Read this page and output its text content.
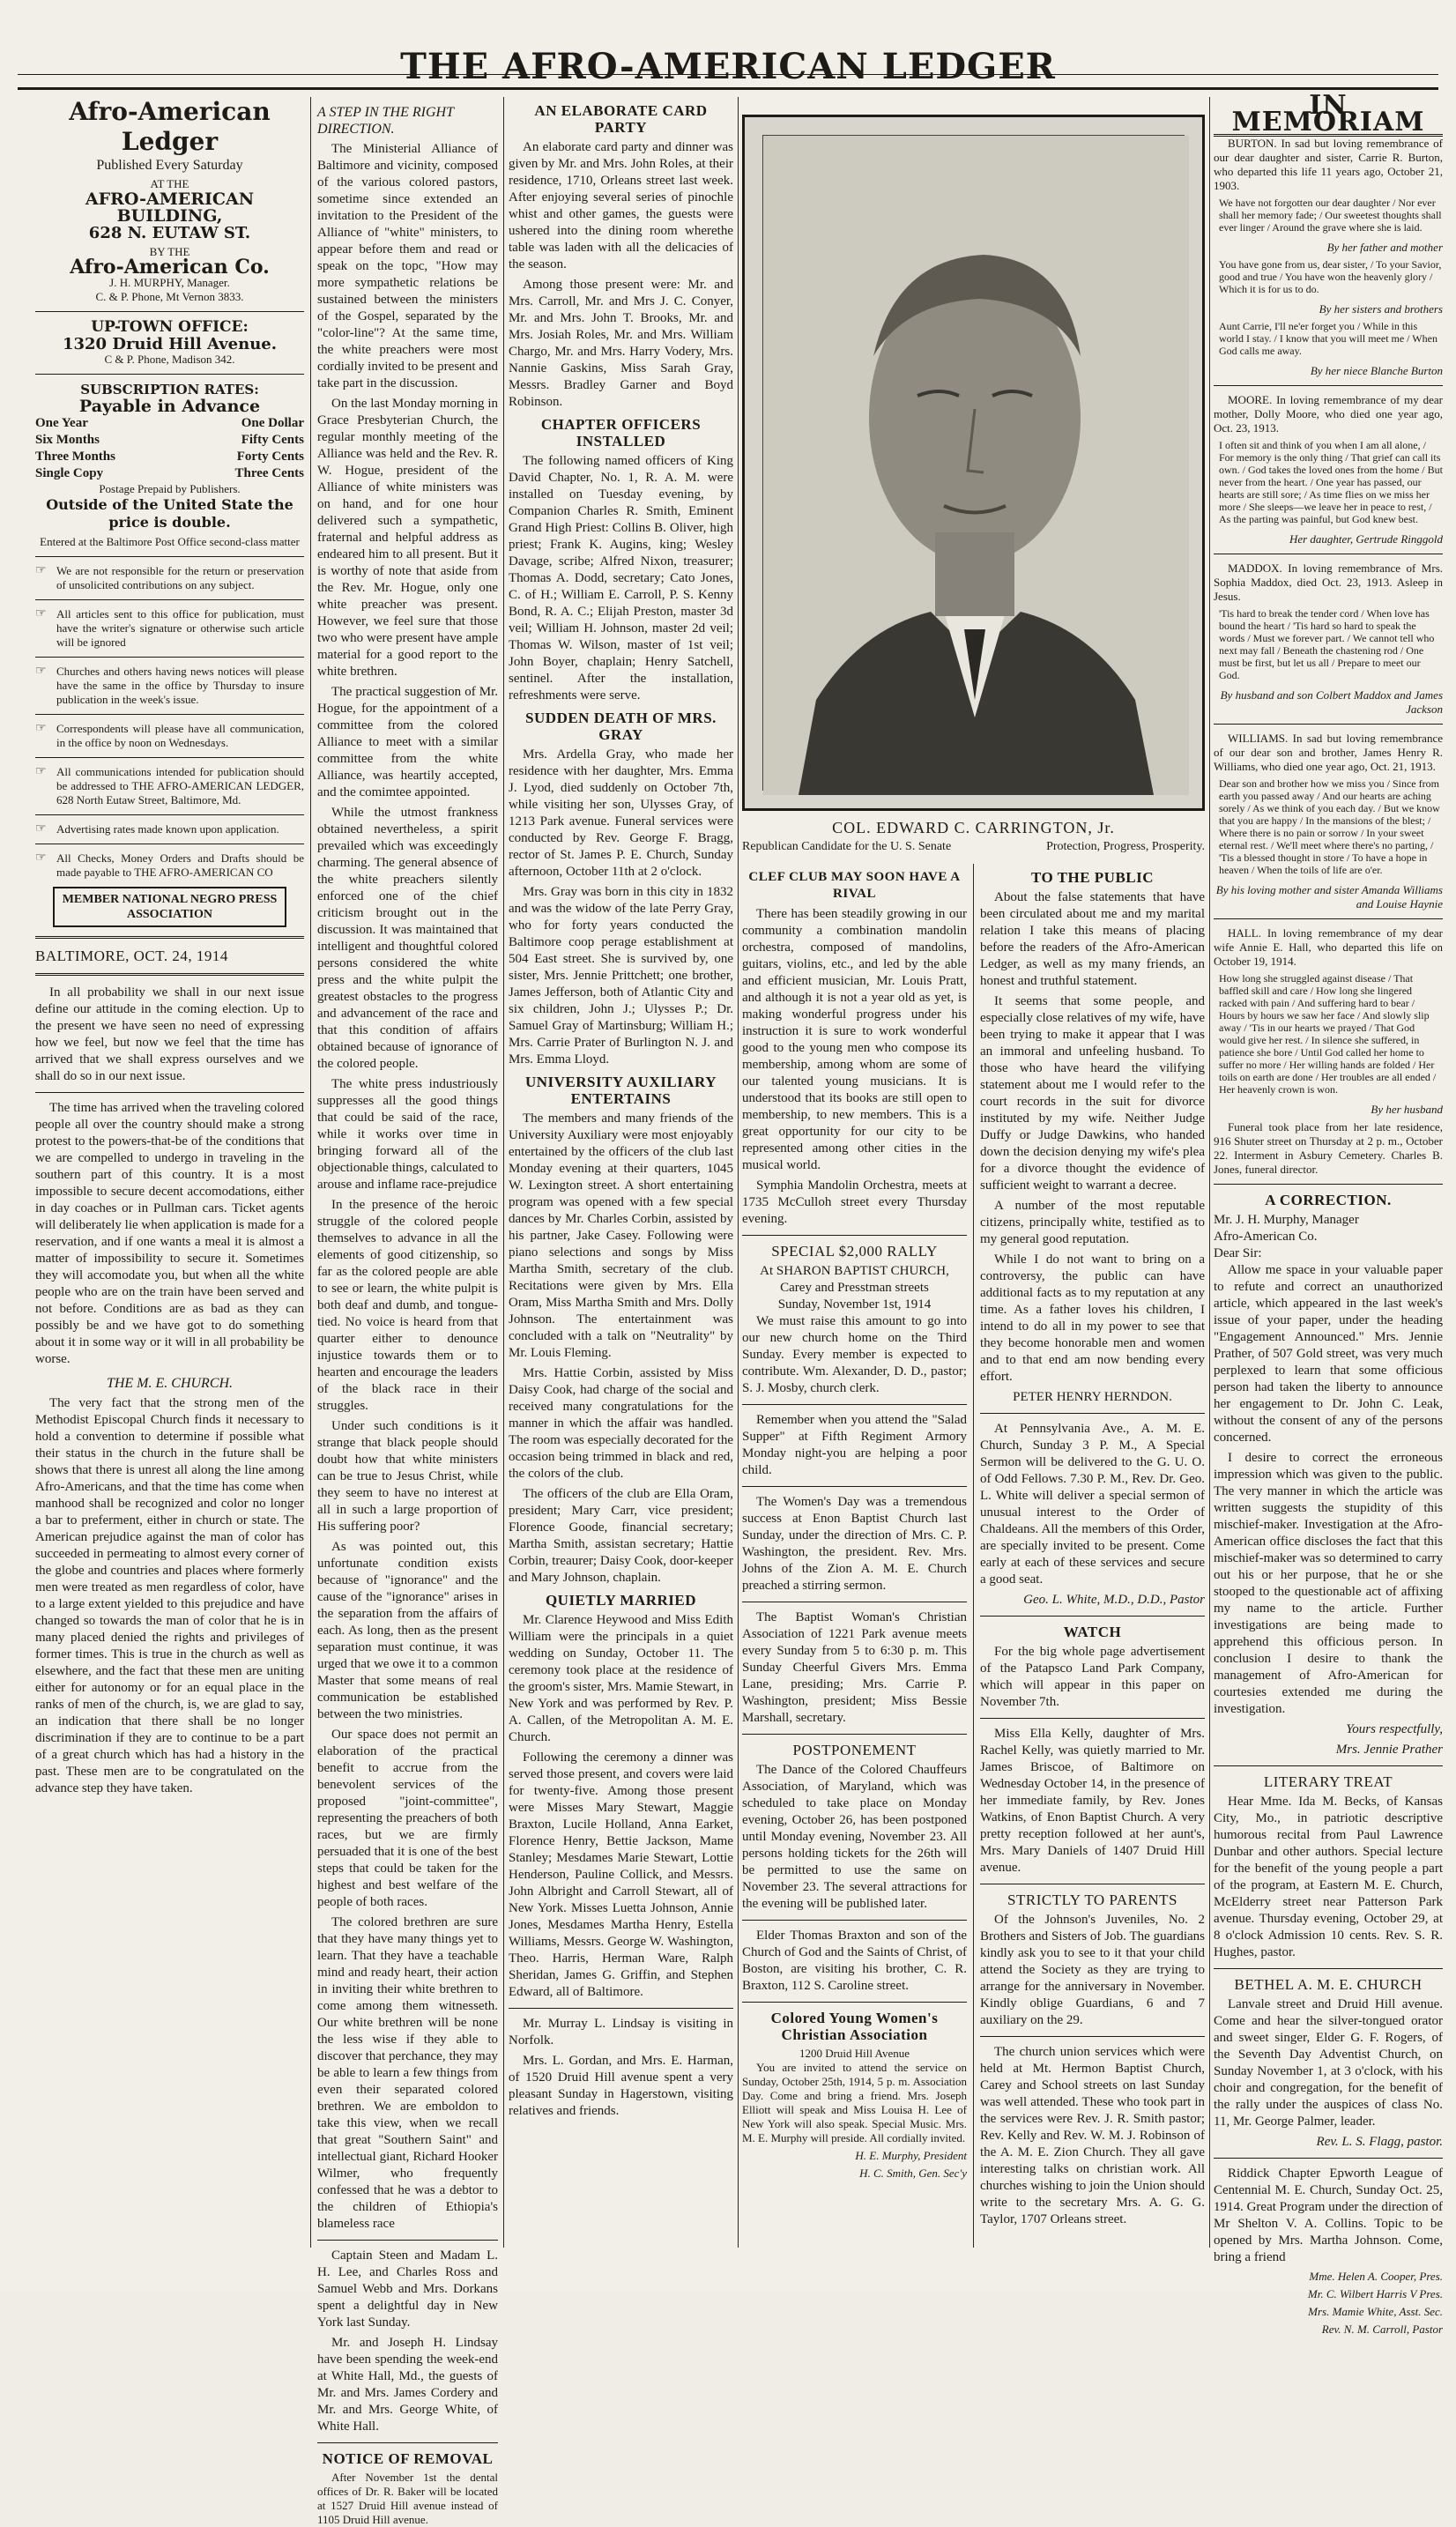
THE AFRO-AMERICAN LEDGER
Afro-American Ledger
Published Every Saturday
AT THE
AFRO-AMERICAN BUILDING,
628 N. EUTAW ST.
BY THE
Afro-American Co.
J. H. MURPHY, Manager.
C. & P. Phone, Mt Vernon 3833.
UP-TOWN OFFICE:
1320 Druid Hill Avenue.
C & P. Phone, Madison 342.
SUBSCRIPTION RATES:
Payable in Advance
One Year	One Dollar
Six Months	Fifty Cents
Three Months	Forty Cents
Single Copy	Three Cents
Postage Prepaid by Publishers.
Outside of the United State the price is double.
Entered at the Baltimore Post Office second-class matter
☞ We are not responsible for the return or preservation of unsolicited contributions on any subject.
☞ All articles sent to this office for publication, must have the writer's signature or otherwise such article will be ignored
☞ Churches and others having news notices will please have the same in the office by Thursday to insure publication in the week's issue.
☞ Correspondents will please have all communication, in the office by noon on Wednesdays.
☞ All communications intended for publication should be addressed to THE AFRO-AMERICAN LEDGER, 628 North Eutaw Street, Baltimore, Md.
☞ Advertising rates made known upon application.
☞ All Checks, Money Orders and Drafts should be made payable to THE AFRO-AMERICAN CO
MEMBER NATIONAL NEGRO PRESS ASSOCIATION
BALTIMORE, OCT. 24, 1914

In all probability we shall in our next issue define our attitude in the coming election. Up to the present we have seen no need of expressing how we feel, but now we feel that the time has arrived that we shall express ourselves and we shall do so in our next issue.

The time has arrived when the traveling colored people all over the country should make a strong protest to the powers-that-be of the conditions that we are compelled to undergo in traveling in the southern part of this country. It is a most impossible to secure decent accomodations, either in day coaches or in Pullman cars. Ticket agents will deliberately lie when application is made for a reservation, and if one wants a meal it is almost a matter of impossibility to secure it. Sometimes they will accomodate you, but when all the white people who are on the train have been served and not before. Conditions are as bad as they can possibly be and we have got to do something about it in some way or it will in all probability be worse.

THE M. E. CHURCH.

The very fact that the strong men of the Methodist Episcopal Church finds it necessary to hold a convention to determine if possible what their status in the church in the future shall be shows that there is unrest all along the line among Afro-Americans, and that the time has come when manhood shall be recognized and color no longer a bar to preferment, either in church or state. The American prejudice against the man of color has succeeded in permeating to almost every corner of the globe and countries and places where formerly men were treated as men regardless of color, have to a large extent yielded to this prejudice and have changed so towards the man of color that he is in many placed denied the rights and privileges of former times. This is true in the church as well as elsewhere, and the fact that these men are uniting either for autonomy or for an equal place in the ranks of men of the church, is, we are glad to say, an indication that there shall be no longer discrimination if they are to continue to be a part of a great church which has had a history in the past. These men are to be congratulated on the advance step they have taken.

A STEP IN THE RIGHT DIRECTION.

The Ministerial Alliance of Baltimore and vicinity, composed of the various colored pastors, sometime since extended an invitation to the President of the Alliance of "white" ministers, to appear before them and read or speak on the topc, "How may more sympathetic relations be sustained between the ministers of the Gospel, separated by the "color-line"? At the same time, the white preachers were most cordially invited to be present and take part in the discussion.

On the last Monday morning in Grace Presbyterian Church, the regular monthly meeting of the Alliance was held and the Rev. R. W. Hogue, president of the Alliance of white ministers was on hand, and for one hour delivered such a sympathetic, fraternal and helpful address as endeared him to all present. But it is worthy of note that aside from the Rev. Mr. Hogue, only one white preacher was present. However, we feel sure that those two who were present have ample material for a good report to the white brethren.

The practical suggestion of Mr. Hogue, for the appointment of a committee from the colored Alliance to meet with a similar committee from the white Alliance, was heartily accepted, and the comimtee appointed.

While the utmost frankness obtained nevertheless, a spirit prevailed which was exceedingly charming. The general absence of the white preachers silently enforced one of the chief criticism brought out in the discussion. It was maintained that intelligent and thoughtful colored persons considered the white press and the white pulpit the greatest obstacles to the progress and advancement of the race and that this condition of affairs obtained because of ignorance of the colored people.

The white press industriously suppresses all the good things that could be said of the race, while it works over time in bringing forward all of the objectionable things, calculated to arouse and inflame race-prejudice

In the presence of the heroic struggle of the colored people themselves to advance in all the elements of good citizenship, so far as the colored people are able to see or learn, the white pulpit is both deaf and dumb, and tongue-tied. No voice is heard from that quarter either to denounce injustice towards them or to hearten and encourage the leaders of the black race in their struggles.

Under such conditions is it strange that black people should doubt how that white ministers can be true to Jesus Christ, while they seem to have no interest at all in such a large proportion of His suffering poor?

As was pointed out, this unfortunate condition exists because of "ignorance" and the cause of the "ignorance" arises in the separation from the affairs of each. As long, then as the present separation must continue, it was urged that we owe it to a common Master that some means of real communication be established between the two ministries.

Our space does not permit an elaboration of the practical benefit to accrue from the benevolent services of the proposed "joint-committee", representing the preachers of both races, but we are firmly persuaded that it is one of the best steps that could be taken for the highest and best welfare of the people of both races.

The colored brethren are sure that they have many things yet to learn. That they have a teachable mind and ready heart, their action in inviting their white brethren to come among them witnesseth. Our white brethren will be none the less wise if they able to discover that perchance, they may be able to learn a few things from even their separated colored brethren. We are emboldon to take this view, when we recall that great "Southern Saint" and intellectual giant, Richard Hooker Wilmer, who frequently confessed that he was a debtor to the children of Ethiopia's blameless race

Captain Steen and Madam L. H. Lee, and Charles Ross and Samuel Webb and Mrs. Dorkans spent a delightful day in New York last Sunday.

Mr. and Joseph H. Lindsay have been spending the week-end at White Hall, Md., the guests of Mr. and Mrs. James Cordery and Mr. and Mrs. George White, of White Hall.

NOTICE OF REMOVAL

After November 1st the dental offices of Dr. R. Baker will be located at 1527 Druid Hill avenue instead of 1105 Druid Hill avenue.

AN ELABORATE CARD PARTY

An elaborate card party and dinner was given by Mr. and Mrs. John Roles, at their residence, 1710, Orleans street last week. After enjoying several series of pinochle whist and other games, the guests were ushered into the dining room wherethe table was laden with all the delicacies of the season.

Among those present were: Mr. and Mrs. Carroll, Mr. and Mrs J. C. Conyer, Mr. and Mrs. John T. Brooks, Mr. and Mrs. Josiah Roles, Mr. and Mrs. William Chargo, Mr. and Mrs. Harry Vodery, Mrs. Nannie Gaskins, Miss Sarah Gray, Messrs. Bradley Garner and Boyd Robinson.

CHAPTER OFFICERS INSTALLED

The following named officers of King David Chapter, No. 1, R. A. M. were installed on Tuesday evening, by Companion Charles R. Smith, Eminent Grand High Priest: Collins B. Oliver, high priest; Frank K. Augins, king; Wesley Davage, scribe; Alfred Nixon, treasurer; Thomas A. Dodd, secretary; Cato Jones, C. of H.; William E. Carroll, P. S. Kenny Bond, R. A. C.; Elijah Preston, master 3d veil; William H. Johnson, master 2d veil; Thomas W. Wilson, master of 1st veil; John Boyer, chaplain; Henry Satchell, sentinel. After the installation, refreshments were serve.

SUDDEN DEATH OF MRS. GRAY

Mrs. Ardella Gray, who made her residence with her daughter, Mrs. Emma J. Lyod, died suddenly on October 7th, while visiting her son, Ulysses Gray, of 1213 Park avenue. Funeral services were conducted by Rev. George F. Bragg, rector of St. James P. E. Church, Sunday afternoon, October 11th at 2 o'clock.

Mrs. Gray was born in this city in 1832 and was the widow of the late Perry Gray, who for forty years conducted the Baltimore coop perage establishment at 504 East street. She is survived by, one sister, Mrs. Jennie Prittchett; one brother, James Jefferson, both of Atlantic City and six children, John J.; Ulysses P.; Dr. Samuel Gray of Martinsburg; William H.; Mrs. Carrie Prater of Burlington N. J. and Mrs. Emma Lloyd.

UNIVERSITY AUXILIARY ENTERTAINS

The members and many friends of the University Auxiliary were most enjoyably entertained by the officers of the club last Monday evening at their quarters, 1045 W. Lexington street. A short entertaining program was opened with a few special dances by Mr. Charles Corbin, assisted by his partner, Jake Casey. Following were piano selections and songs by Miss Martha Smith, secretary of the club. Recitations were given by Mrs. Ella Oram, Miss Martha Smith and Mrs. Dolly Johnson. The entertainment was concluded with a talk on "Neutrality" by Mr. Louis Fleming.

Mrs. Hattie Corbin, assisted by Miss Daisy Cook, had charge of the social and received many congratulations for the manner in which the affair was handled. The room was especially decorated for the occasion being trimmed in black and red, the colors of the club.

The officers of the club are Ella Oram, president; Mary Carr, vice president; Florence Goode, financial secretary; Martha Smith, assistan secretary; Hattie Corbin, treaurer; Daisy Cook, door-keeper and Mary Johnson, chaplain.

QUIETLY MARRIED

Mr. Clarence Heywood and Miss Edith William were the principals in a quiet wedding on Sunday, October 11. The ceremony took place at the residence of the groom's sister, Mrs. Mamie Stewart, in New York and was performed by Rev. P. A. Callen, of the Metropolitan A. M. E. Church.

Following the ceremony a dinner was served those present, and covers were laid for twenty-five. Among those present were Misses Mary Stewart, Maggie Braxton, Lucile Holland, Anna Earket, Florence Henry, Bettie Jackson, Mame Stanley; Mesdames Marie Stewart, Lottie Henderson, Pauline Collick, and Messrs. John Albright and Carroll Stewart, all of New York. Misses Luetta Johnson, Annie Jones, Mesdames Martha Henry, Estella Williams, Messrs. George W. Washington, Theo. Harris, Herman Ware, Ralph Sheridan, James G. Griffin, and Stephen Edward, all of Baltimore.

Mr. Murray L. Lindsay is visiting in Norfolk.

Mrs. L. Gordan, and Mrs. E. Harman, of 1520 Druid Hill avenue spent a very pleasant Sunday in Hagerstown, visiting relatives and friends.

COL. EDWARD C. CARRINGTON, Jr.
Republican Candidate for the U. S. Senate	Protection, Progress, Prosperity.
CLEF CLUB MAY SOON HAVE A RIVAL

There has been steadily growing in our community a combination mandolin orchestra, composed of mandolins, guitars, violins, etc., and led by the able and efficient musician, Mr. Louis Pratt, and although it is not a year old as yet, is making wonderful progress under his instruction it is sure to work wonderful good to the young men who compose its membership, among whom are some of our talented young musicians. It is understood that its books are still open to membership, to new members. This is a great opportunity for our city to be represented among other cities in the musical world.

Symphia Mandolin Orchestra, meets at 1735 McCulloh street every Thursday evening.

SPECIAL $2,000 RALLY
At SHARON BAPTIST CHURCH,
Carey and Presstman streets
Sunday, November 1st, 1914

We must raise this amount to go into our new church home on the Third Sunday. Every member is expected to contribute. Wm. Alexander, D. D., pastor; S. J. Mosby, church clerk.

Remember when you attend the "Salad Supper" at Fifth Regiment Armory Monday night-you are helping a poor child.

The Women's Day was a tremendous success at Enon Baptist Church last Sunday, under the direction of Mrs. C. P. Washington, the president. Rev. Mrs. Johns of the Zion A. M. E. Church preached a stirring sermon.

The Baptist Woman's Christian Association of 1221 Park avenue meets every Sunday from 5 to 6:30 p. m. This Sunday Cheerful Givers Mrs. Emma Lane, presiding; Mrs. Carrie P. Washington, president; Miss Bessie Marshall, secretary.

POSTPONEMENT

The Dance of the Colored Chauffeurs Association, of Maryland, which was scheduled to take place on Monday evening, October 26, has been postponed until Monday evening, November 23. All persons holding tickets for the 26th will be permitted to use the same on November 23. The several attractions for the evening will be published later.

Elder Thomas Braxton and son of the Church of God and the Saints of Christ, of Boston, are visiting his brother, C. R. Braxton, 112 S. Caroline street.

Colored Young Women's Christian Association
1200 Druid Hill Avenue

You are invited to attend the service on Sunday, October 25th, 1914, 5 p. m. Association Day. Come and bring a friend. Mrs. Joseph Elliott will speak and Miss Louisa H. Lee of New York will also speak. Special Music. Mrs. M. E. Murphy will preside. All cordially invited.

H. E. Murphy, President
H. C. Smith, Gen. Sec'y
TO THE PUBLIC

About the false statements that have been circulated about me and my marital relation I take this means of placing before the readers of the Afro-American Ledger, as well as my many friends, an honest and truthful statement.

It seems that some people, and especially close relatives of my wife, have been trying to make it appear that I was an immoral and unfeeling husband. To those who have heard the vilifying statement about me I would refer to the court records in the suit for divorce instituted by my wife. Neither Judge Duffy or Judge Dawkins, who handed down the decision denying my wife's plea for a divorce thought the evidence of sufficient weight to warrant a decree.

A number of the most reputable citizens, principally white, testified as to my general good reputation.

While I do not want to bring on a controversy, the public can have additional facts as to my reputation at any time. As a father loves his children, I intend to do all in my power to see that they become honorable men and women and to that end am now bending every effort.

PETER HENRY HERNDON.

At Pennsylvania Ave., A. M. E. Church, Sunday 3 P. M., A Special Sermon will be delivered to the G. U. O. of Odd Fellows. 7.30 P. M., Rev. Dr. Geo. L. White will deliver a special sermon of unusual interest to the Order of Chaldeans. All the members of this Order, are specially invited to be present. Come early at each of these services and secure a good seat.

Geo. L. White, M.D., D.D., Pastor
WATCH

For the big whole page advertisement of the Patapsco Land Park Company, which will appear in this paper on November 7th.

Miss Ella Kelly, daughter of Mrs. Rachel Kelly, was quietly married to Mr. James Briscoe, of Baltimore on Wednesday October 14, in the presence of her immediate family, by Rev. Jones Watkins, of Enon Baptist Church. A very pretty reception followed at her aunt's, Mrs. Mary Daniels of 1407 Druid Hill avenue.

STRICTLY TO PARENTS

Of the Johnson's Juveniles, No. 2 Brothers and Sisters of Job. The guardians kindly ask you to see to it that your child attend the Society as they are trying to arrange for the anniversary in November. Kindly oblige Guardians, 6 and 7 auxiliary on the 29.

The church union services which were held at Mt. Hermon Baptist Church, Carey and School streets on last Sunday was well attended. These who took part in the services were Rev. J. R. Smith pastor; Rev. Kelly and Rev. W. M. J. Robinson of the A. M. E. Zion Church. They all gave interesting talks on christian work. All churches wishing to join the Union should write to the secretary Mrs. A. G. G. Taylor, 1707 Orleans street.

IN MEMORIAM

BURTON. In sad but loving remembrance of our dear daughter and sister, Carrie R. Burton, who departed this life 11 years ago, October 21, 1903.

We have not forgotten our dear daughter / Nor ever shall her memory fade; / Our sweetest thoughts shall ever linger / Around the grave where she is laid.
By her father and mother
You have gone from us, dear sister, / To your Savior, good and true / You have won the heavenly glory / Which it is for us to do.
By her sisters and brothers
Aunt Carrie, I'll ne'er forget you / While in this world I stay. / I know that you will meet me / When God calls me away.
By her niece Blanche Burton

MOORE. In loving remembrance of my dear mother, Dolly Moore, who died one year ago, Oct. 23, 1913.

I often sit and think of you when I am all alone, / For memory is the only thing / That grief can call its own. / God takes the loved ones from the home / But never from the heart. / One year has passed, our hearts are still sore; / As time flies on we miss her more / She sleeps—we leave her in peace to rest, / As the parting was painful, but God knew best.
Her daughter, Gertrude Ringgold

MADDOX. In loving remembrance of Mrs. Sophia Maddox, died Oct. 23, 1913. Asleep in Jesus.

'Tis hard to break the tender cord / When love has bound the heart / 'Tis hard so hard to speak the words / Must we forever part. / We cannot tell who next may fall / Beneath the chastening rod / One must be first, but let us all / Prepare to meet our God.
By husband and son Colbert Maddox and James Jackson

WILLIAMS. In sad but loving remembrance of our dear son and brother, James Henry R. Williams, who died one year ago, Oct. 21, 1913.

Dear son and brother how we miss you / Since from earth you passed away / And our hearts are aching sorely / As we think of you each day. / But we know that you are happy / In the mansions of the blest; / Where there is no pain or sorrow / In your sweet eternal rest. / We'll meet where there's no parting, / 'Tis a blessed thought in store / To have a hope in heaven / When the toils of life are o'er.
By his loving mother and sister Amanda Williams and Louise Haynie

HALL. In loving remembrance of my dear wife Annie E. Hall, who departed this life on October 19, 1914.

How long she struggled against disease / That baffled skill and care / How long she lingered racked with pain / And suffering hard to bear / Hours by hours we saw her face / And slowly slip away / 'Tis in our hearts we prayed / That God would give her rest. / In silence she suffered, in patience she bore / Until God called her home to suffer no more / Her willing hands are folded / Her toils on earth are done / Her troubles are all ended / Her heavenly crown is won.
By her husband

Funeral took place from her late residence, 916 Shuter street on Thursday at 2 p. m., October 22. Interment in Asbury Cemetery. Charles B. Jones, funeral director.

A CORRECTION.
Mr. J. H. Murphy, Manager
Afro-American Co.
Dear Sir:

Allow me space in your valuable paper to refute and correct an unauthorized article, which appeared in the last week's issue of your paper, under the heading "Engagement Announced." Mrs. Jennie Prather, of 507 Gold street, was very much perplexed to learn that some officious person had taken the liberty to announce her engagement to Dr. John C. Leak, without the consent of any of the persons concerned.

I desire to correct the erroneous impression which was given to the public. The very manner in which the article was written suggests the stupidity of this mischief-maker. Investigation at the Afro-American office discloses the fact that this mischief-maker was so determined to carry out his or her purpose, that he or she stooped to the questionable act of affixing my name to the article. Further investigations are being made to apprehend this officious person. In conclusion I desire to thank the management of Afro-American for courtesies extended me during the investigation.

Yours respectfully,
Mrs. Jennie Prather
LITERARY TREAT

Hear Mme. Ida M. Becks, of Kansas City, Mo., in patriotic descriptive humorous recital from Paul Lawrence Dunbar and other authors. Special lecture for the benefit of the young people a part of the program, at Eastern M. E. Church, McElderry street near Patterson Park avenue. Thursday evening, October 29, at 8 o'clock Admission 10 cents. Rev. S. R. Hughes, pastor.

BETHEL A. M. E. CHURCH

Lanvale street and Druid Hill avenue. Come and hear the silver-tongued orator and sweet singer, Elder G. F. Rogers, of the Seventh Day Adventist Church, on Sunday November 1, at 3 o'clock, with his choir and congregation, for the benefit of the rally under the auspices of class No. 11, Mr. George Palmer, leader.

Rev. L. S. Flagg, pastor.

Riddick Chapter Epworth League of Centennial M. E. Church, Sunday Oct. 25, 1914. Great Program under the direction of Mr Shelton V. A. Collins. Topic to be opened by Mrs. Martha Johnson. Come, bring a friend

Mme. Helen A. Cooper, Pres.
Mr. C. Wilbert Harris V Pres.
Mrs. Mamie White, Asst. Sec.
Rev. N. M. Carroll, Pastor
